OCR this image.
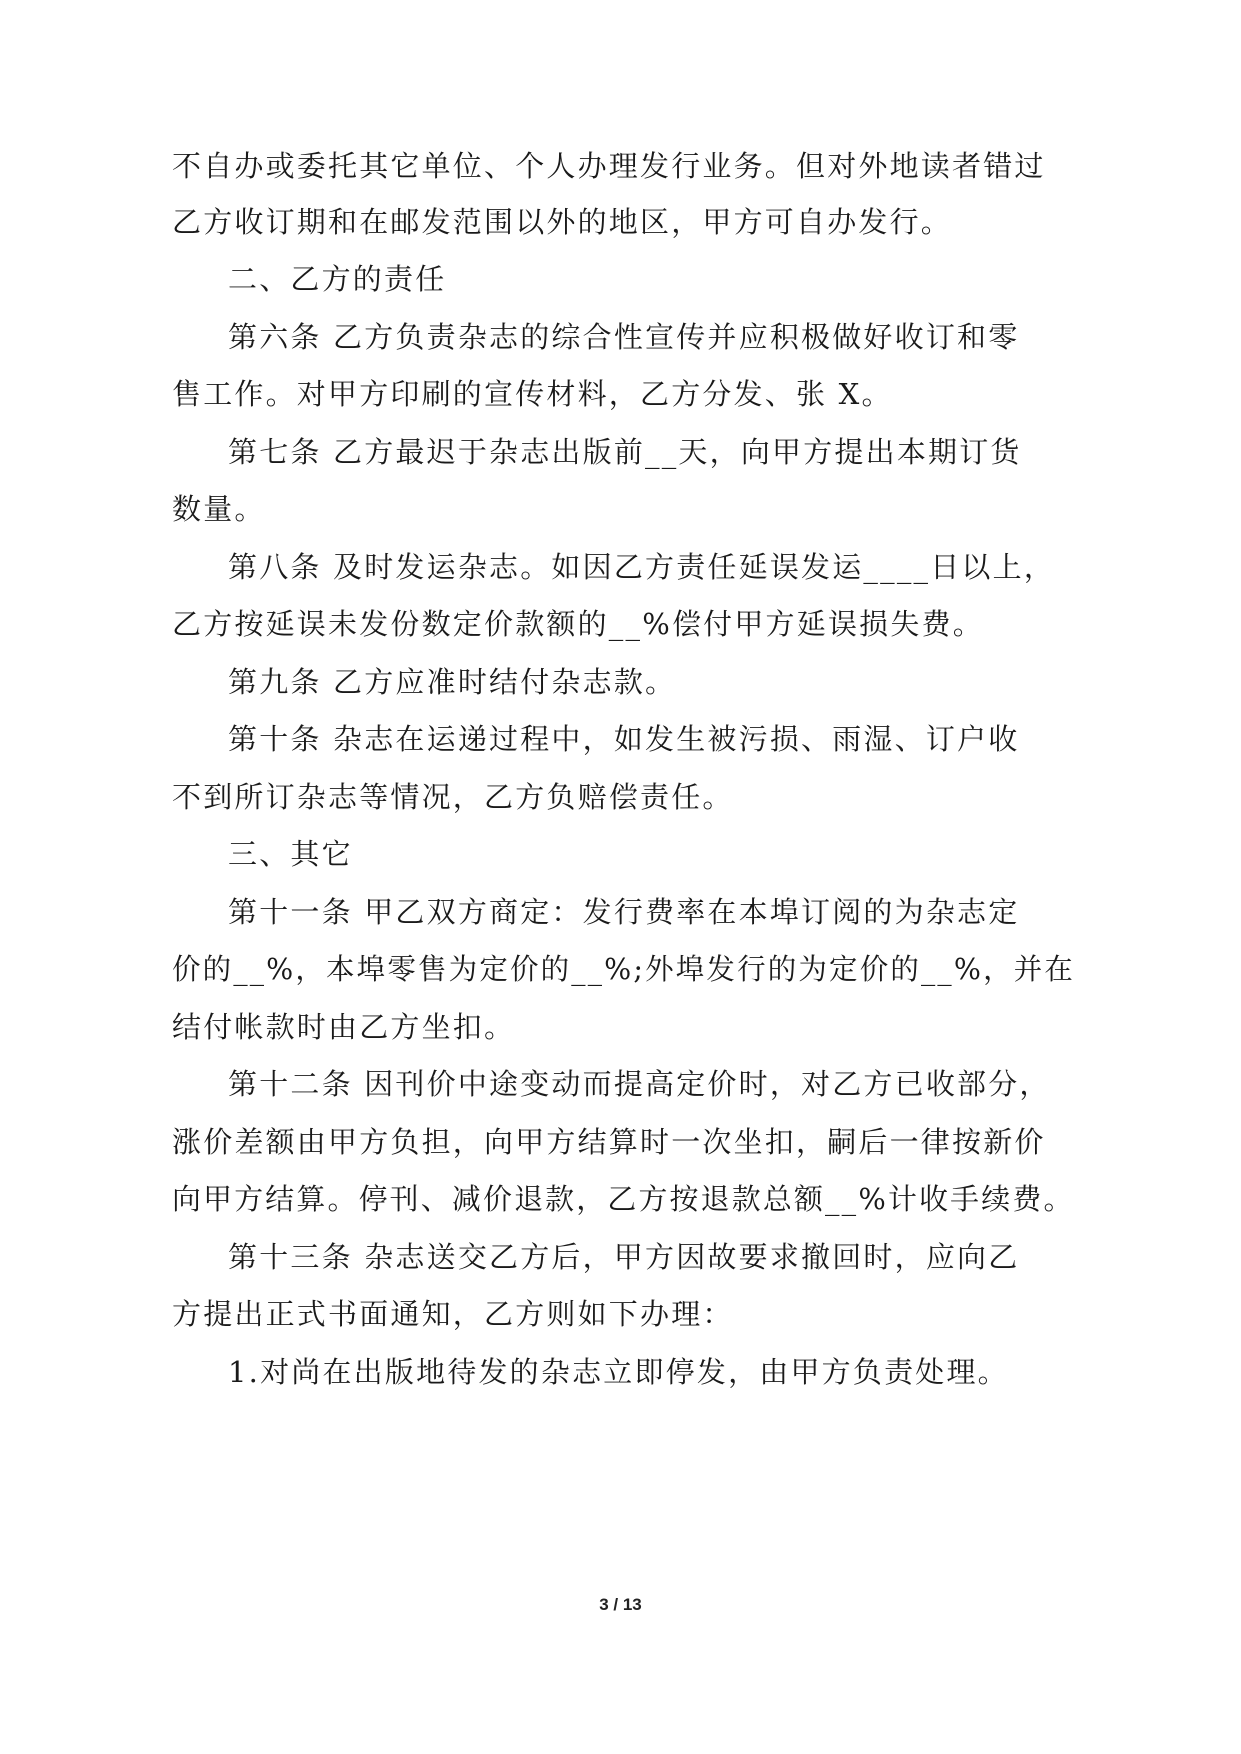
不自办或委托其它单位、个人办理发行业务。但对外地读者错过
乙方收订期和在邮发范围以外的地区，甲方可自办发行。
二、乙方的责任
第六条 乙方负责杂志的综合性宣传并应积极做好收订和零
售工作。对甲方印刷的宣传材料，乙方分发、张 X。
第七条 乙方最迟于杂志出版前__天，向甲方提出本期订货
数量。
第八条 及时发运杂志。如因乙方责任延误发运____日以上，
乙方按延误未发份数定价款额的__%偿付甲方延误损失费。
第九条 乙方应准时结付杂志款。
第十条 杂志在运递过程中，如发生被污损、雨湿、订户收
不到所订杂志等情况，乙方负赔偿责任。
三、其它
第十一条 甲乙双方商定：发行费率在本埠订阅的为杂志定
价的__%，本埠零售为定价的__%;外埠发行的为定价的__%，并在
结付帐款时由乙方坐扣。
第十二条 因刊价中途变动而提高定价时，对乙方已收部分，
涨价差额由甲方负担，向甲方结算时一次坐扣，嗣后一律按新价
向甲方结算。停刊、减价退款，乙方按退款总额__%计收手续费。
第十三条 杂志送交乙方后，甲方因故要求撤回时，应向乙
方提出正式书面通知，乙方则如下办理：
1.对尚在出版地待发的杂志立即停发，由甲方负责处理。
3 / 13
